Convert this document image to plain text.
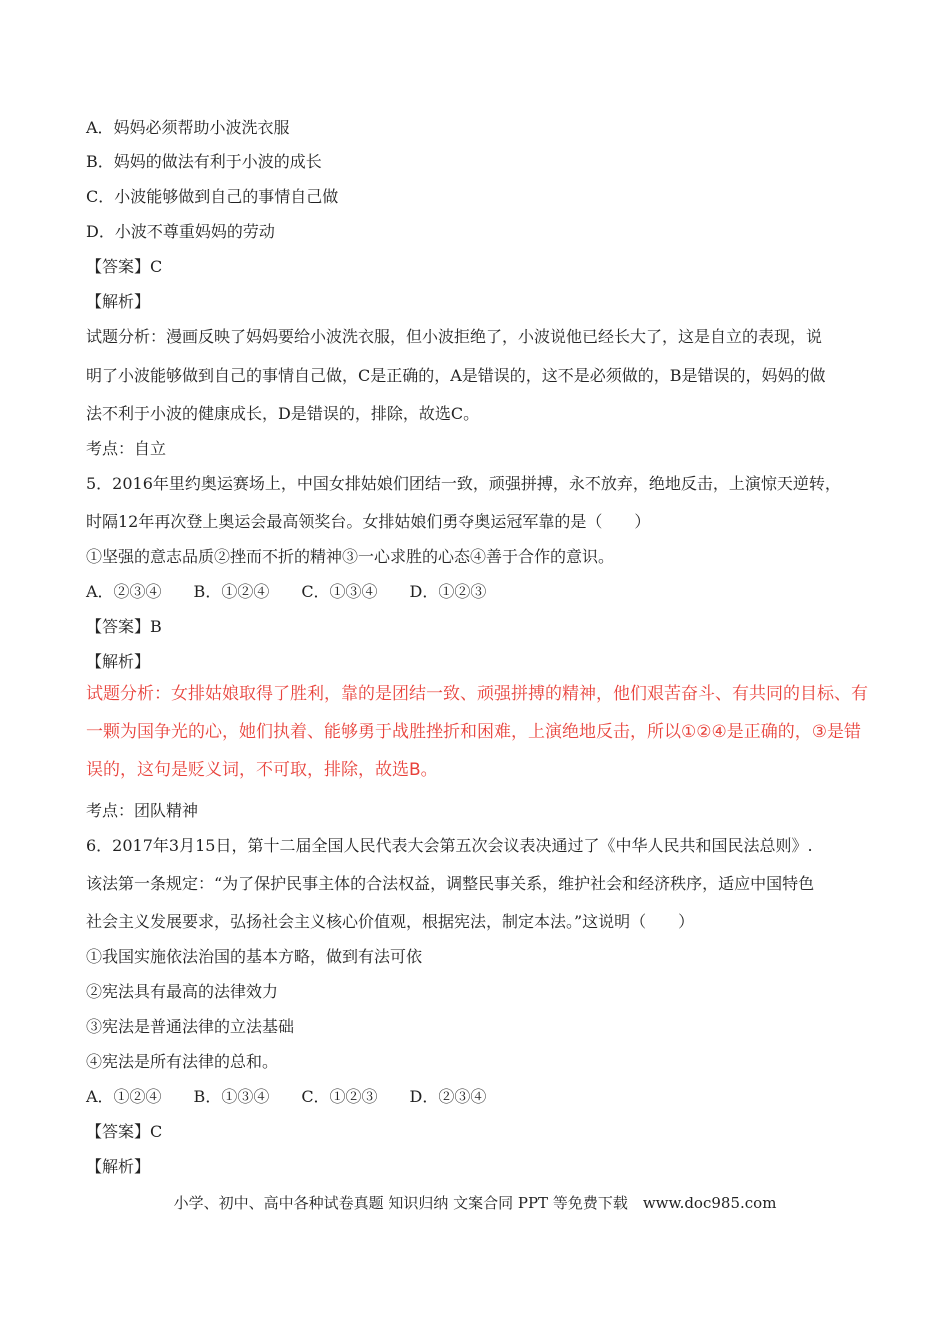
A．妈妈必须帮助小波洗衣服
B．妈妈的做法有利于小波的成长
C．小波能够做到自己的事情自己做
D．小波不尊重妈妈的劳动
【答案】C
【解析】
试题分析：漫画反映了妈妈要给小波洗衣服，但小波拒绝了，小波说他已经长大了，这是自立的表现，说
明了小波能够做到自己的事情自己做，C是正确的，A是错误的，这不是必须做的，B是错误的，妈妈的做
法不利于小波的健康成长，D是错误的，排除，故选C。
考点：自立
5．2016年里约奥运赛场上，中国女排姑娘们团结一致，顽强拼搏，永不放弃，绝地反击，上演惊天逆转，
时隔12年再次登上奥运会最高领奖台。女排姑娘们勇夺奥运冠军靠的是（　　）
①坚强的意志品质②挫而不折的精神③一心求胜的心态④善于合作的意识。
A．②③④　　B．①②④　　C．①③④　　D．①②③
【答案】B
【解析】
试题分析：女排姑娘取得了胜利，靠的是团结一致、顽强拼搏的精神，他们艰苦奋斗、有共同的目标、有
一颗为国争光的心，她们执着、能够勇于战胜挫折和困难，上演绝地反击，所以①②④是正确的，③是错
误的，这句是贬义词，不可取，排除，故选B。
考点：团队精神
6．2017年3月15日，第十二届全国人民代表大会第五次会议表决通过了《中华人民共和国民法总则》.
该法第一条规定：“为了保护民事主体的合法权益，调整民事关系，维护社会和经济秩序，适应中国特色
社会主义发展要求，弘扬社会主义核心价值观，根据宪法，制定本法。”这说明（　　）
①我国实施依法治国的基本方略，做到有法可依
②宪法具有最高的法律效力
③宪法是普通法律的立法基础
④宪法是所有法律的总和。
A．①②④　　B．①③④　　C．①②③　　D．②③④
【答案】C
【解析】
小学、初中、高中各种试卷真题 知识归纳 文案合同 PPT 等免费下载　www.doc985.com
